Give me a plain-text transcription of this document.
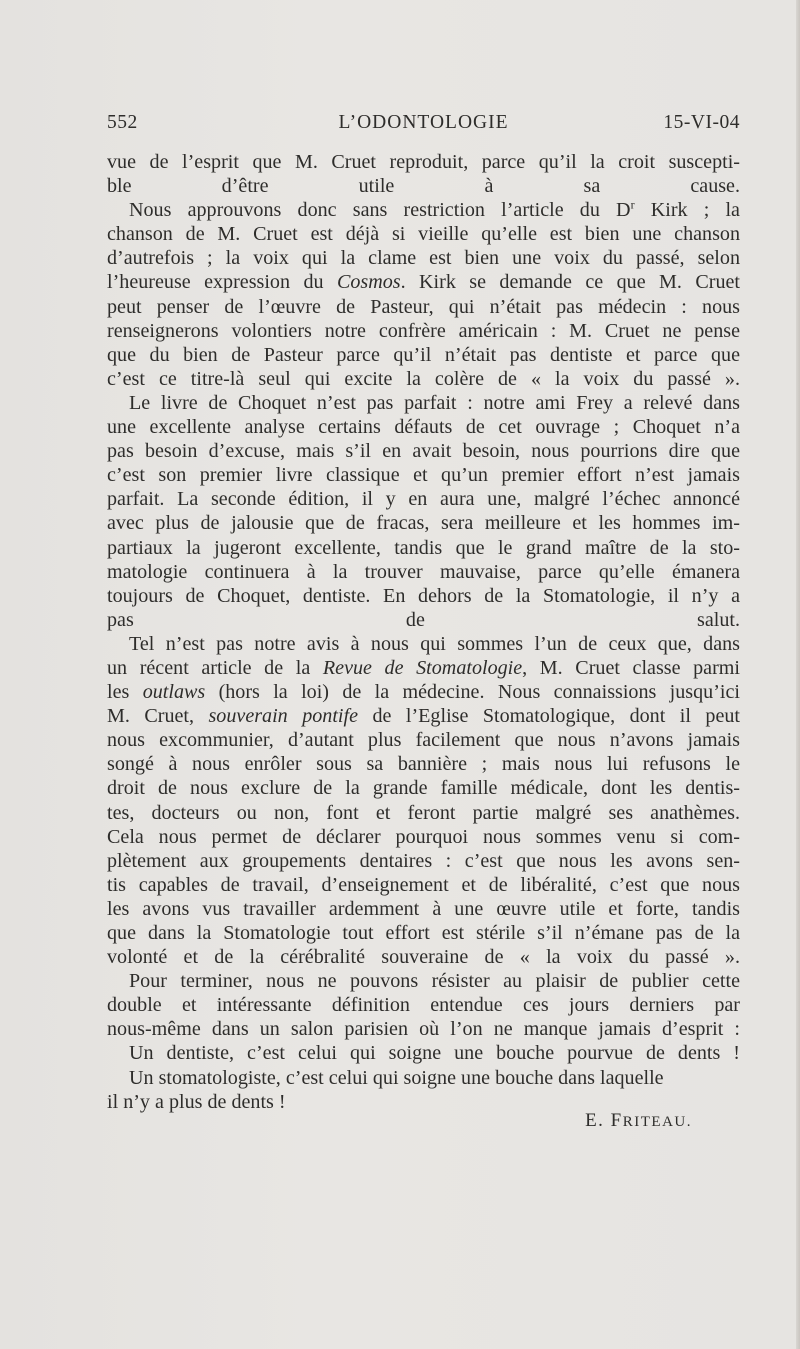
L’ODONTOLOGIE
552	15-VI-04

vue de l’esprit que M. Cruet reproduit, parce qu’il la croit suscepti-
ble d’être utile à sa cause.

Nous approuvons donc sans restriction l’article du $D^r$ Kirk ; la
chanson de M. Cruet est déjà si vieille qu’elle est bien une chanson
d’autrefois ; la voix qui la clame est bien une voix du passé, selon
l’heureuse expression du Cosmos. Kirk se demande ce que M. Cruet
peut penser de l’œuvre de Pasteur, qui n’était pas médecin : nous
renseignerons volontiers notre confrère américain : M. Cruet ne pense
que du bien de Pasteur parce qu’il n’était pas dentiste et parce que
c’est ce titre-là seul qui excite la colère de « la voix du passé ».

Le livre de Choquet n’est pas parfait : notre ami Frey a relevé dans
une excellente analyse certains défauts de cet ouvrage ; Choquet n’a
pas besoin d’excuse, mais s’il en avait besoin, nous pourrions dire que
c’est son premier livre classique et qu’un premier effort n’est jamais
parfait. La seconde édition, il y en aura une, malgré l’échec annoncé
avec plus de jalousie que de fracas, sera meilleure et les hommes im-
partiaux la jugeront excellente, tandis que le grand maître de la sto-
matologie continuera à la trouver mauvaise, parce qu’elle émanera
toujours de Choquet, dentiste. En dehors de la Stomatologie, il n’y a
pas de salut.

Tel n’est pas notre avis à nous qui sommes l’un de ceux que, dans
un récent article de la Revue de Stomatologie, M. Cruet classe parmi
les outlaws (hors la loi) de la médecine. Nous connaissions jusqu’ici
M. Cruet, souverain pontife de l’Eglise Stomatologique, dont il peut
nous excommunier, d’autant plus facilement que nous n’avons jamais
songé à nous enrôler sous sa bannière ; mais nous lui refusons le
droit de nous exclure de la grande famille médicale, dont les dentis-
tes, docteurs ou non, font et feront partie malgré ses anathèmes.
Cela nous permet de déclarer pourquoi nous sommes venu si com-
plètement aux groupements dentaires : c’est que nous les avons sen-
tis capables de travail, d’enseignement et de libéralité, c’est que nous
les avons vus travailler ardemment à une œuvre utile et forte, tandis
que dans la Stomatologie tout effort est stérile s’il n’émane pas de la
volonté et de la cérébralité souveraine de « la voix du passé ».

Pour terminer, nous ne pouvons résister au plaisir de publier cette
double et intéressante définition entendue ces jours derniers par
nous-même dans un salon parisien où l’on ne manque jamais d’esprit :

Un dentiste, c’est celui qui soigne une bouche pourvue de dents !

Un stomatologiste, c’est celui qui soigne une bouche dans laquelle
il n’y a plus de dents !

E. FRITEAU.
